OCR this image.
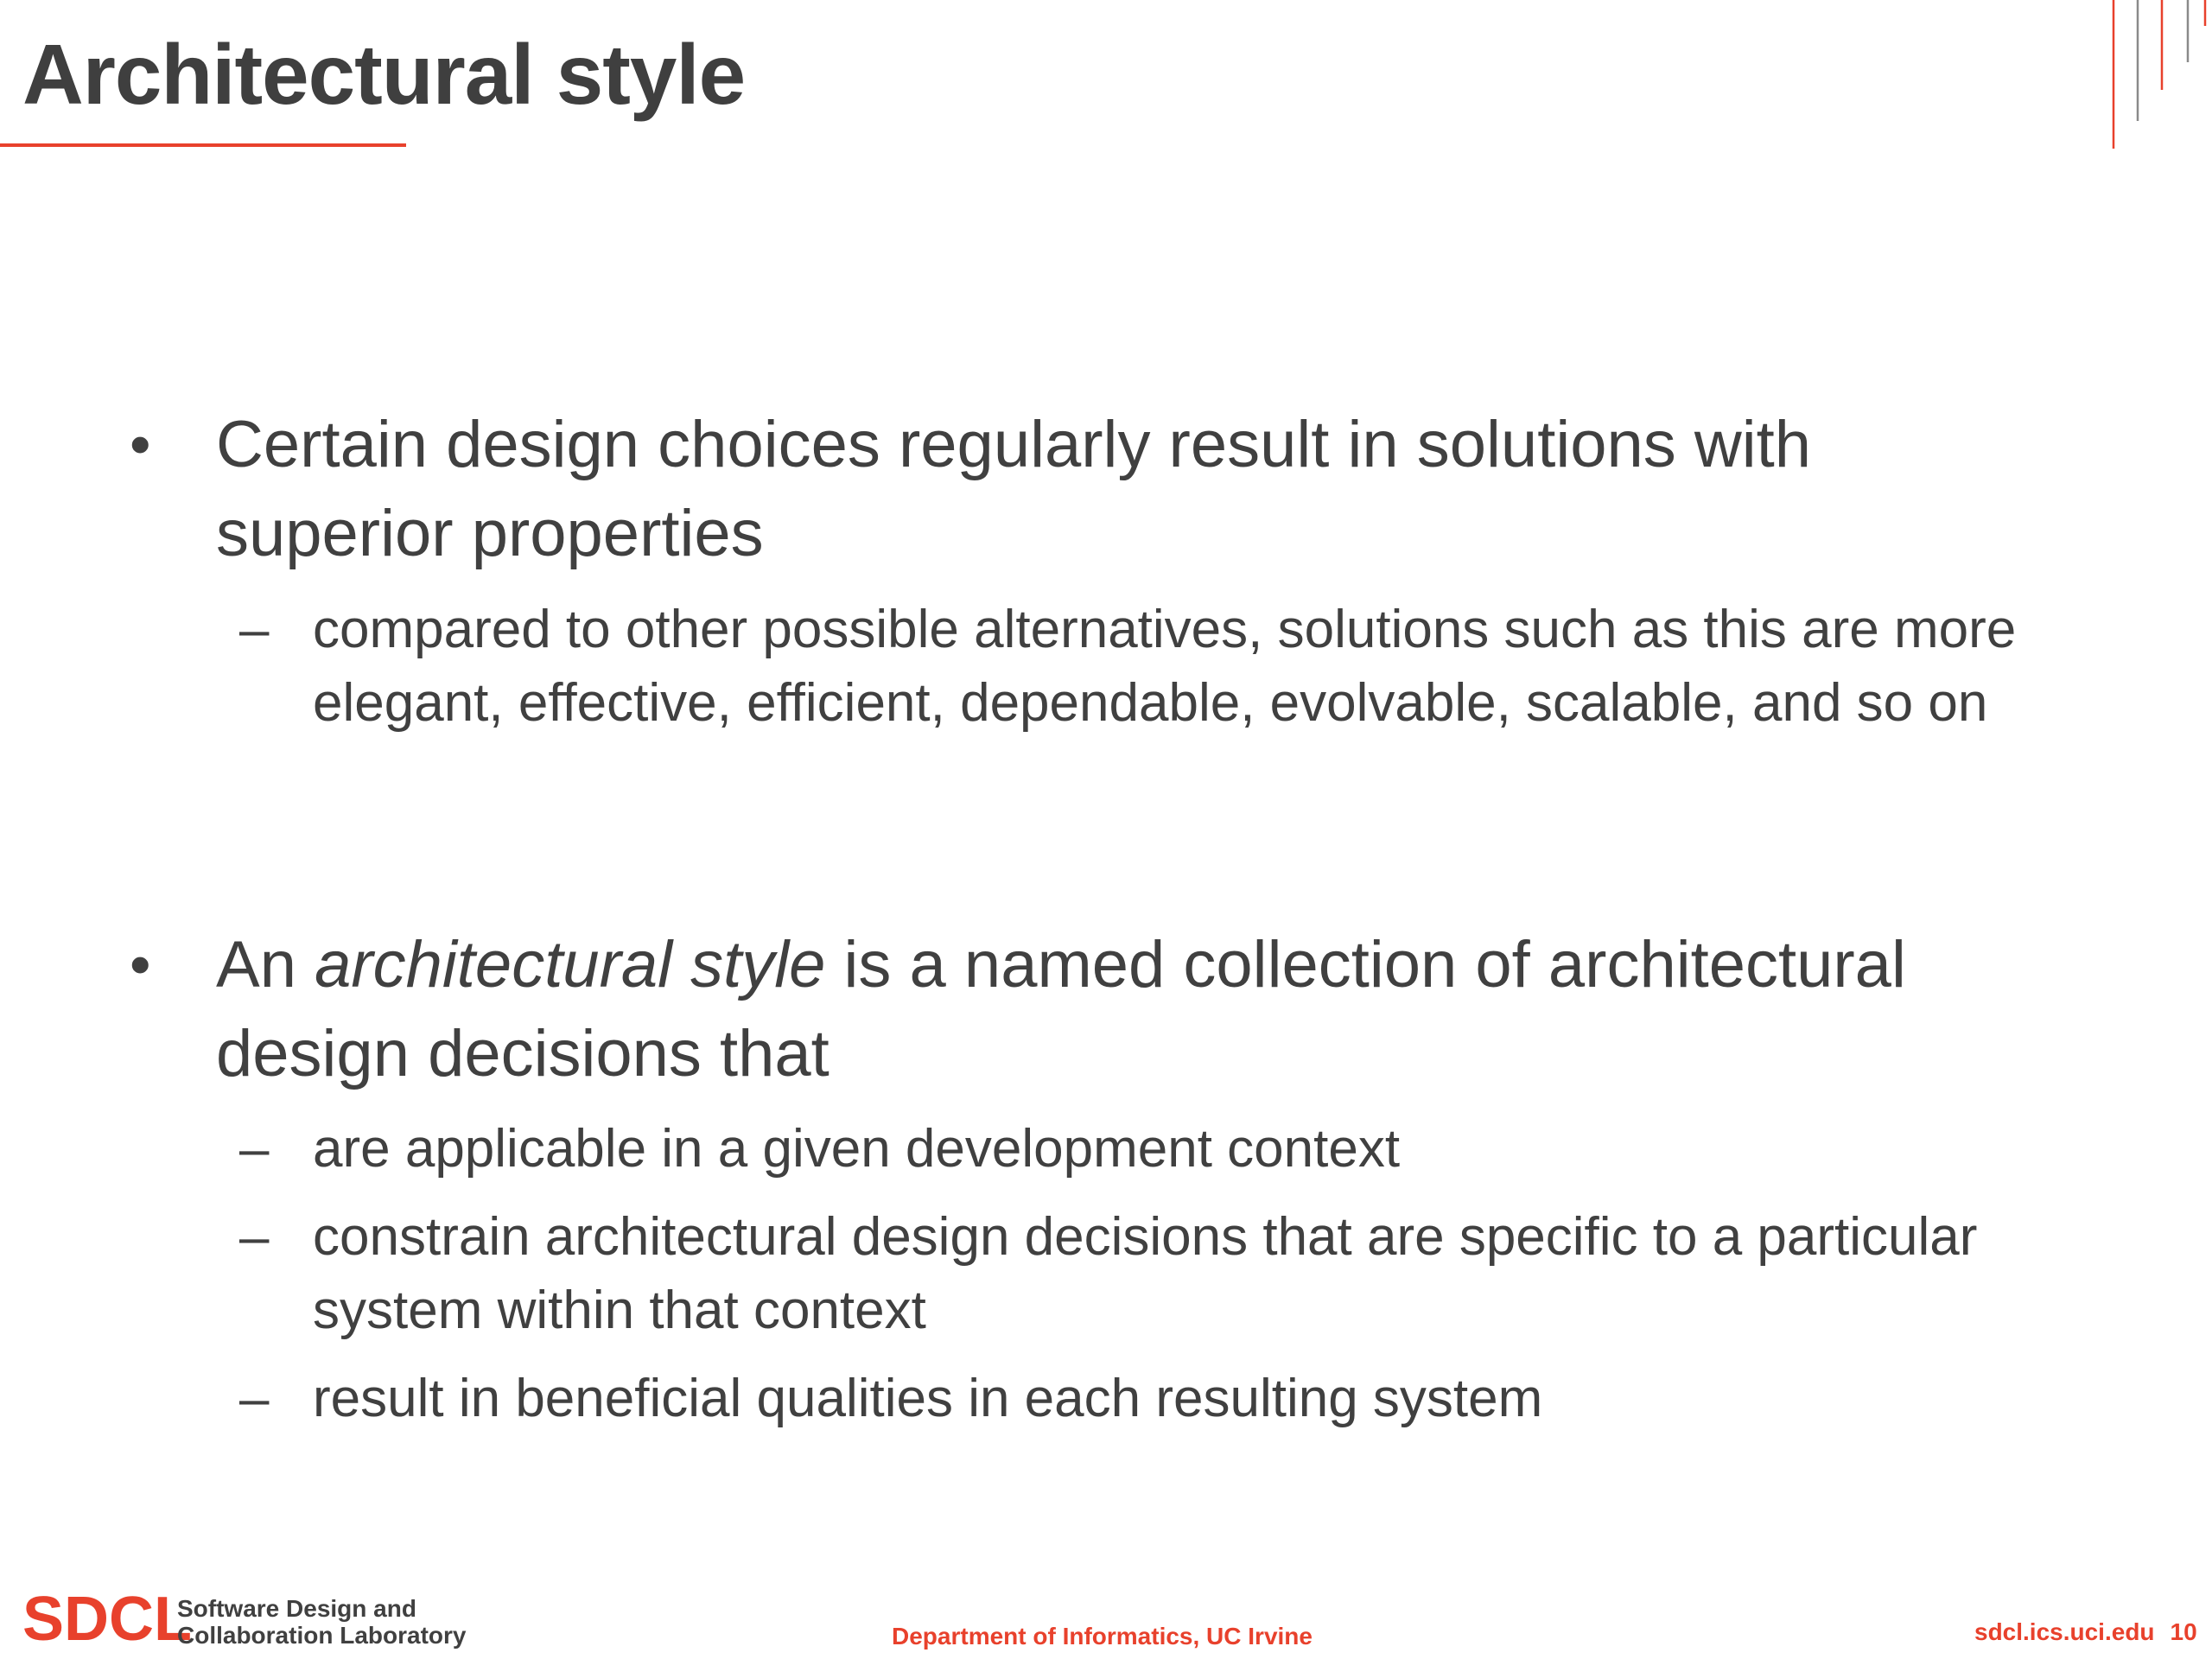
Architectural style
• Certain design choices regularly result in solutions with superior properties
– compared to other possible alternatives, solutions such as this are more elegant, effective, efficient, dependable, evolvable, scalable, and so on
• An architectural style is a named collection of architectural design decisions that
– are applicable in a given development context
– constrain architectural design decisions that are specific to a particular system within that context
– result in beneficial qualities in each resulting system
SDCL
Software Design and
Collaboration Laboratory	Department of Informatics, UC Irvine	sdcl.ics.uci.edu 10
